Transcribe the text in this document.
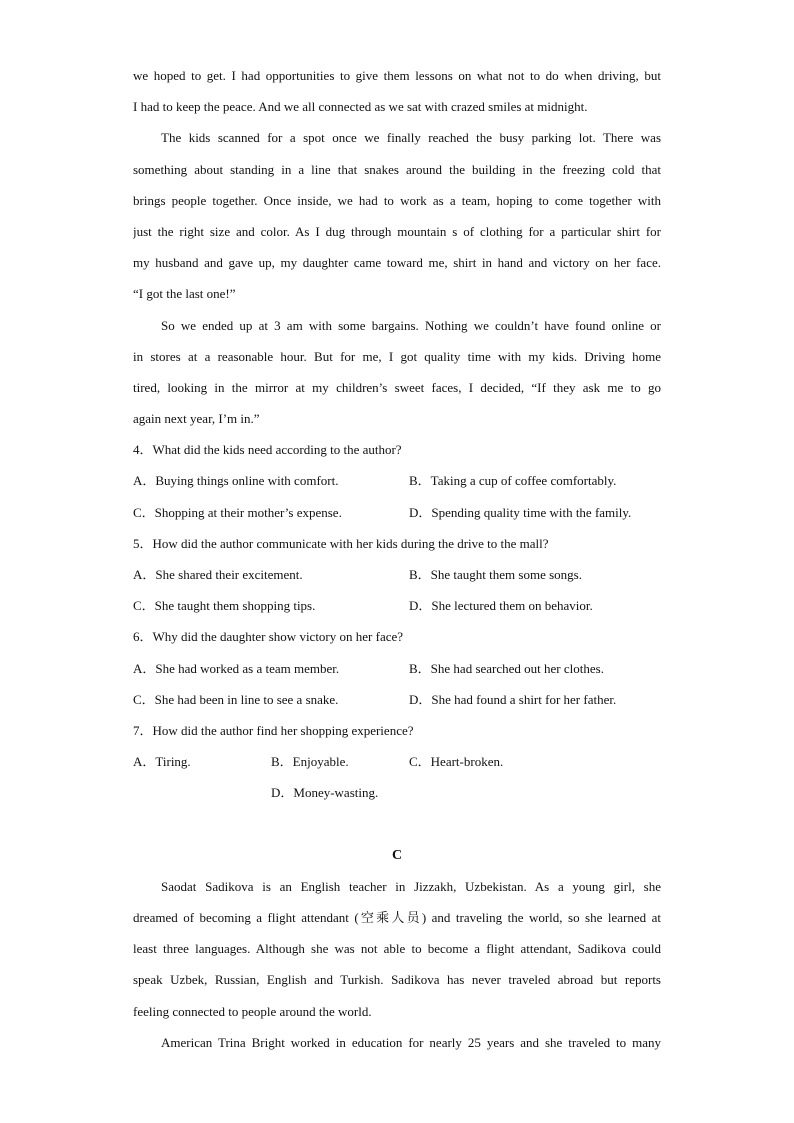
we hoped to get. I had opportunities to give them lessons on what not to do when driving, but
I had to keep the peace. And we all connected as we sat with crazed smiles at midnight.
The kids scanned for a spot once we finally reached the busy parking lot. There was
something about standing in a line that snakes around the building in the freezing cold that
brings people together. Once inside, we had to work as a team, hoping to come together with
just the right size and color. As I dug through mountain s of clothing for a particular shirt for
my husband and gave up, my daughter came toward me, shirt in hand and victory on her face.
“I got the last one!”
So we ended up at 3 am with some bargains. Nothing we couldn’t have found online or
in stores at a reasonable hour. But for me, I got quality time with my kids. Driving home
tired, looking in the mirror at my children’s sweet faces, I decided, “If they ask me to go
again next year, I’m in.”
4．What did the kids need according to the author?
A．Buying things online with comfort.	B．Taking a cup of coffee comfortably.
C．Shopping at their mother’s expense.	D．Spending quality time with the family.
5．How did the author communicate with her kids during the drive to the mall?
A．She shared their excitement.	B．She taught them some songs.
C．She taught them shopping tips.	D．She lectured them on behavior.
6．Why did the daughter show victory on her face?
A．She had worked as a team member.	B．She had searched out her clothes.
C．She had been in line to see a snake.	D．She had found a shirt for her father.
7．How did the author find her shopping experience?
A．Tiring.	B．Enjoyable.	C．Heart-broken.
D．Money-wasting.
C
Saodat Sadikova is an English teacher in Jizzakh, Uzbekistan. As a young girl, she
dreamed of becoming a flight attendant (空乘人员) and traveling the world, so she learned at
least three languages. Although she was not able to become a flight attendant, Sadikova could
speak Uzbek, Russian, English and Turkish. Sadikova has never traveled abroad but reports
feeling connected to people around the world.
American Trina Bright worked in education for nearly 25 years and she traveled to many
